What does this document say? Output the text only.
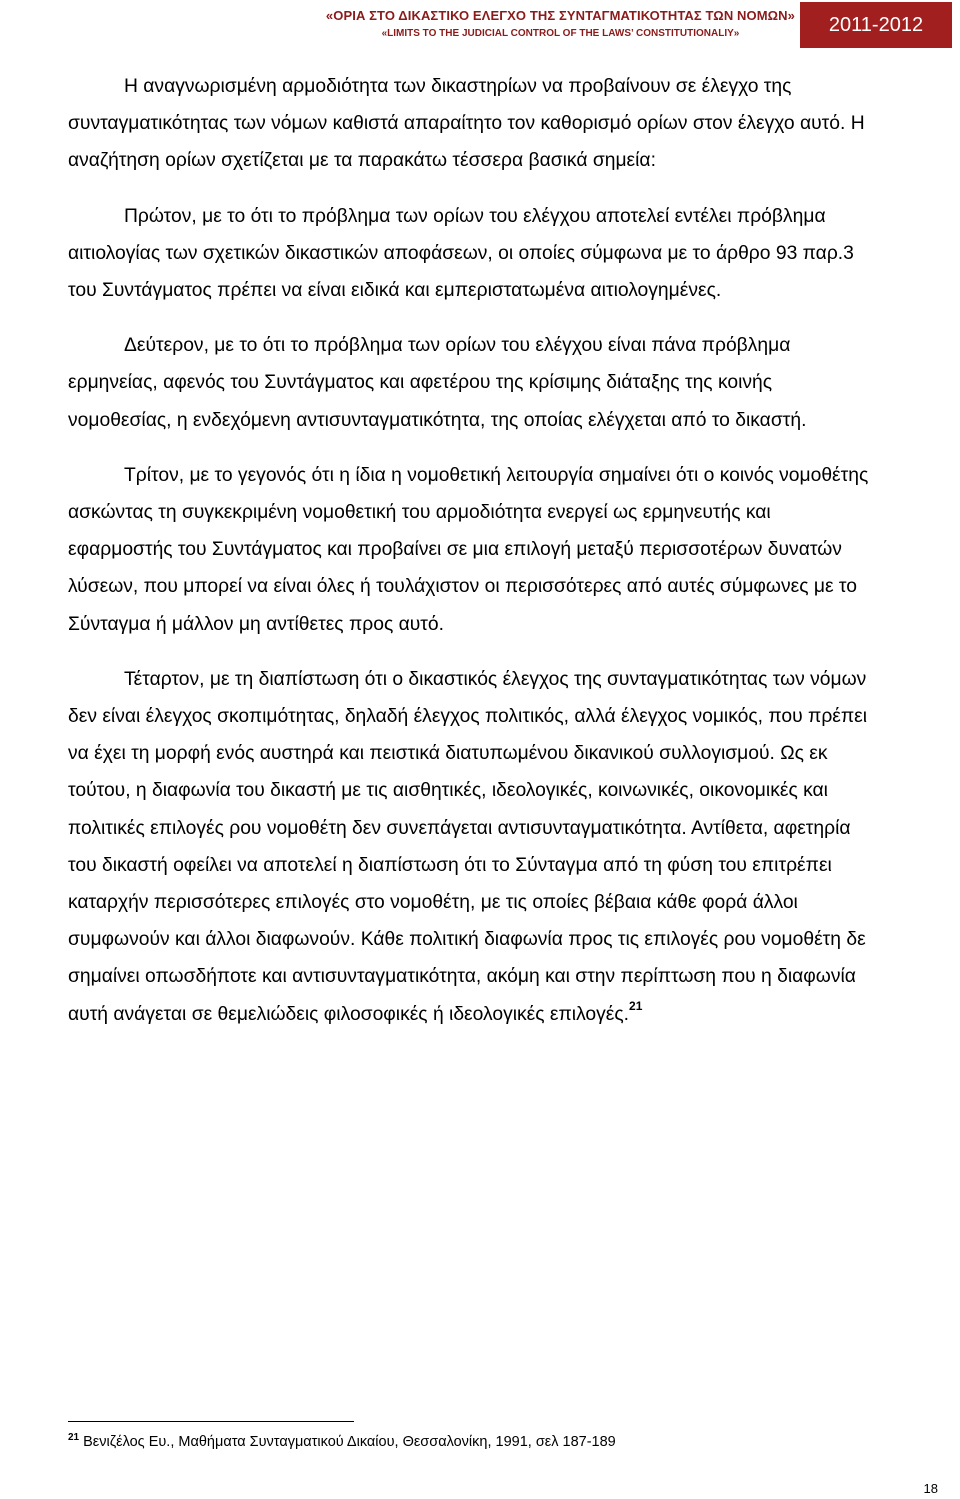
«ΟΡΙΑ ΣΤΟ ΔΙΚΑΣΤΙΚΟ ΕΛΕΓΧΟ ΤΗΣ ΣΥΝΤΑΓΜΑΤΙΚΟΤΗΤΑΣ ΤΩΝ ΝΟΜΩΝ»
«LIMITS TO THE JUDICIAL CONTROL OF THE LAWS’ CONSTITUTIONALIY»	2011-2012

Η αναγνωρισμένη αρμοδιότητα των δικαστηρίων να προβαίνουν σε έλεγχο της συνταγματικότητας των νόμων καθιστά απαραίτητο τον καθορισμό ορίων στον έλεγχο αυτό. Η αναζήτηση ορίων σχετίζεται με τα παρακάτω τέσσερα βασικά σημεία:

Πρώτον, με το ότι το πρόβλημα των ορίων του ελέγχου αποτελεί εντέλει πρόβλημα αιτιολογίας των σχετικών δικαστικών αποφάσεων, οι οποίες σύμφωνα με το άρθρο 93 παρ.3 του Συντάγματος πρέπει να είναι ειδικά και εμπεριστατωμένα αιτιολογημένες.

Δεύτερον, με το ότι το πρόβλημα των ορίων του ελέγχου είναι πάνα πρόβλημα ερμηνείας, αφενός του Συντάγματος και αφετέρου της κρίσιμης διάταξης της κοινής νομοθεσίας, η ενδεχόμενη αντισυνταγματικότητα, της οποίας ελέγχεται από το δικαστή.

Τρίτον, με το γεγονός ότι η ίδια η νομοθετική λειτουργία σημαίνει ότι ο κοινός νομοθέτης ασκώντας τη συγκεκριμένη νομοθετική του αρμοδιότητα ενεργεί ως ερμηνευτής και εφαρμοστής του Συντάγματος και προβαίνει σε μια επιλογή μεταξύ περισσοτέρων δυνατών λύσεων, που μπορεί να είναι όλες ή τουλάχιστον οι περισσότερες από αυτές σύμφωνες με το Σύνταγμα ή μάλλον μη αντίθετες προς αυτό.

Τέταρτον, με τη διαπίστωση ότι ο δικαστικός έλεγχος της συνταγματικότητας των νόμων δεν είναι έλεγχος σκοπιμότητας, δηλαδή έλεγχος πολιτικός, αλλά έλεγχος νομικός, που πρέπει να έχει τη μορφή ενός αυστηρά και πειστικά διατυπωμένου δικανικού συλλογισμού. Ως εκ τούτου, η διαφωνία του δικαστή με τις αισθητικές, ιδεολογικές, κοινωνικές, οικονομικές και πολιτικές επιλογές ρου νομοθέτη δεν συνεπάγεται αντισυνταγματικότητα. Αντίθετα, αφετηρία του δικαστή οφείλει να αποτελεί η διαπίστωση ότι το Σύνταγμα από τη φύση του επιτρέπει καταρχήν περισσότερες επιλογές στο νομοθέτη, με τις οποίες βέβαια κάθε φορά άλλοι συμφωνούν και άλλοι διαφωνούν. Κάθε πολιτική διαφωνία προς τις επιλογές ρου νομοθέτη δε σημαίνει οπωσδήποτε και αντισυνταγματικότητα, ακόμη και στην περίπτωση που η διαφωνία αυτή ανάγεται σε θεμελιώδεις φιλοσοφικές ή ιδεολογικές επιλογές.$^{21}$

$^{21}$ Βενιζέλος Ευ., Μαθήματα Συνταγματικού Δικαίου, Θεσσαλονίκη, 1991, σελ 187-189
18
